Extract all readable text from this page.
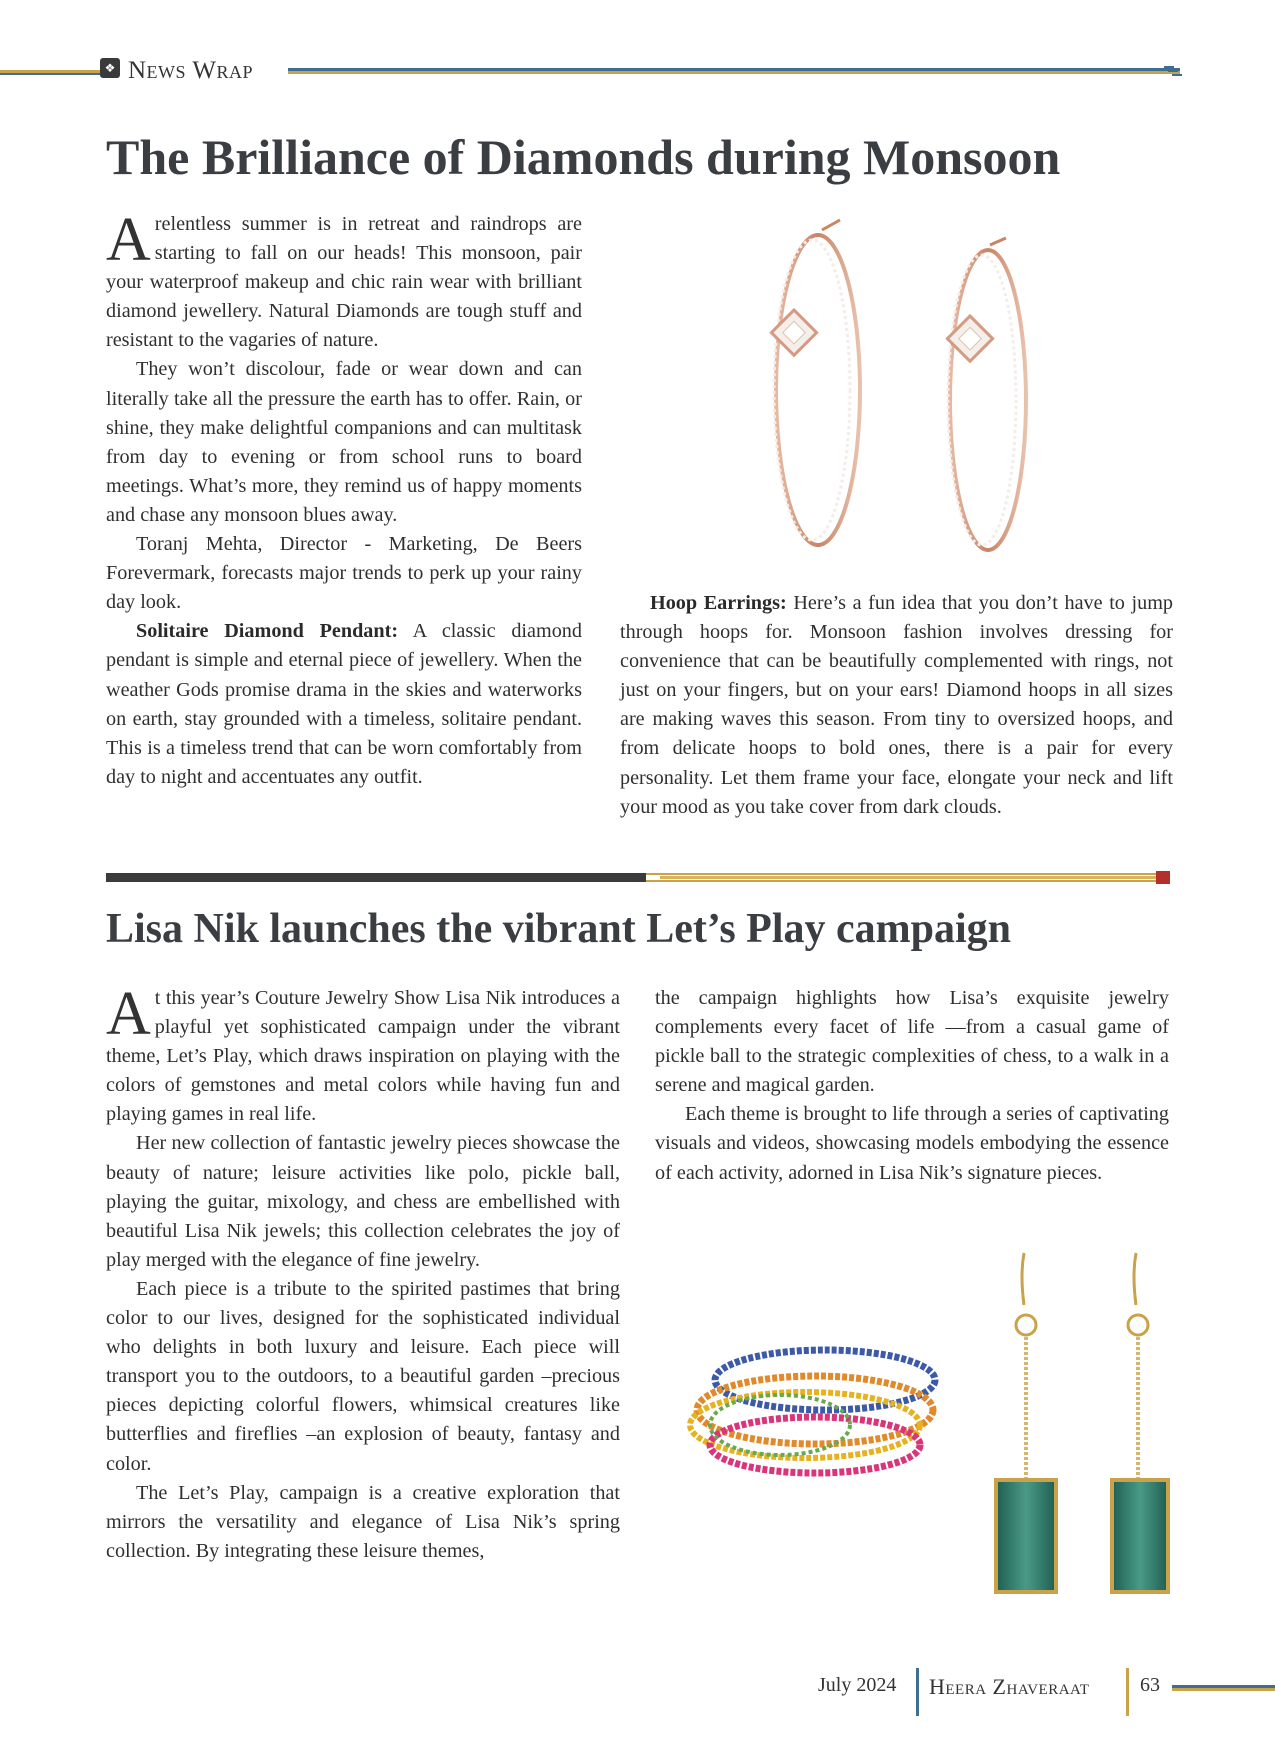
❖ News Wrap
The Brilliance of Diamonds during Monsoon

A relentless summer is in retreat and raindrops are starting to fall on our heads! This monsoon, pair your waterproof makeup and chic rain wear with brilliant diamond jewellery. Natural Diamonds are tough stuff and resistant to the vagaries of nature.

They won’t discolour, fade or wear down and can literally take all the pressure the earth has to offer. Rain, or shine, they make delightful companions and can multitask from day to evening or from school runs to board meetings. What’s more, they remind us of happy moments and chase any monsoon blues away.

Toranj Mehta, Director - Marketing, De Beers Forevermark, forecasts major trends to perk up your rainy day look.

Solitaire Diamond Pendant: A classic diamond pendant is simple and eternal piece of jewellery. When the weather Gods promise drama in the skies and waterworks on earth, stay grounded with a timeless, solitaire pendant. This is a timeless trend that can be worn comfortably from day to night and accentuates any outfit.

Hoop Earrings: Here’s a fun idea that you don’t have to jump through hoops for. Monsoon fashion involves dressing for convenience that can be beautifully complemented with rings, not just on your fingers, but on your ears! Diamond hoops in all sizes are making waves this season. From tiny to oversized hoops, and from delicate hoops to bold ones, there is a pair for every personality. Let them frame your face, elongate your neck and lift your mood as you take cover from dark clouds.

Lisa Nik launches the vibrant Let’s Play campaign

At this year’s Couture Jewelry Show Lisa Nik introduces a playful yet sophisticated campaign under the vibrant theme, Let’s Play, which draws inspiration on playing with the colors of gemstones and metal colors while having fun and playing games in real life.

Her new collection of fantastic jewelry pieces showcase the beauty of nature; leisure activities like polo, pickle ball, playing the guitar, mixology, and chess are embellished with beautiful Lisa Nik jewels; this collection celebrates the joy of play merged with the elegance of fine jewelry.

Each piece is a tribute to the spirited pastimes that bring color to our lives, designed for the sophisticated individual who delights in both luxury and leisure. Each piece will transport you to the outdoors, to a beautiful garden –precious pieces depicting colorful flowers, whimsical creatures like butterflies and fireflies –an explosion of beauty, fantasy and color.

The Let’s Play, campaign is a creative exploration that mirrors the versatility and elegance of Lisa Nik’s spring collection. By integrating these leisure themes,

the campaign highlights how Lisa’s exquisite jewelry complements every facet of life —from a casual game of pickle ball to the strategic complexities of chess, to a walk in a serene and magical garden.

Each theme is brought to life through a series of captivating visuals and videos, showcasing models embodying the essence of each activity, adorned in Lisa Nik’s signature pieces.

July 2024 Heera Zhaveraat	63
